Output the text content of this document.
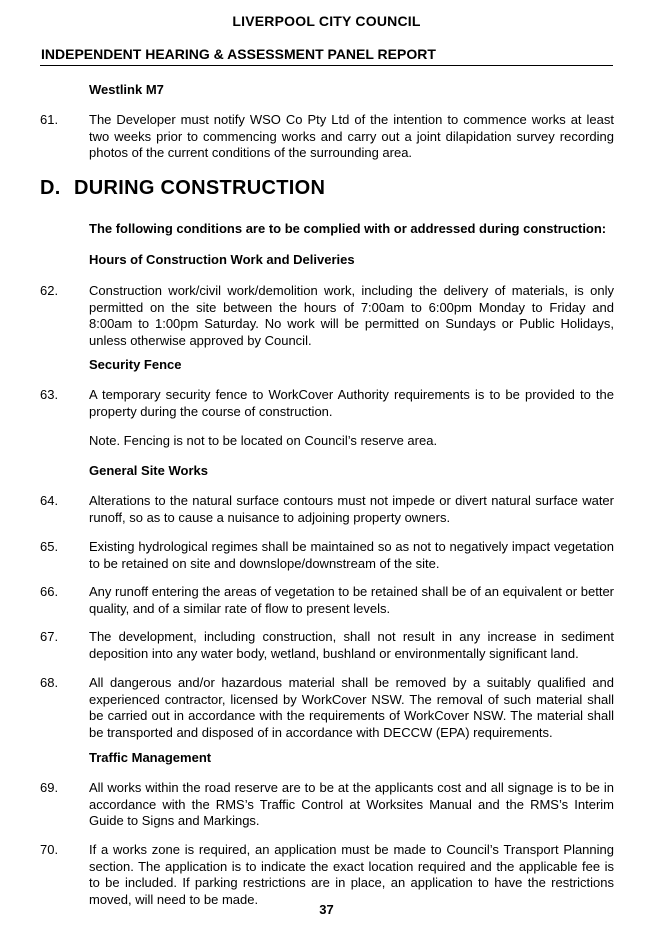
LIVERPOOL CITY COUNCIL
INDEPENDENT HEARING & ASSESSMENT PANEL REPORT
Westlink M7
61. The Developer must notify WSO Co Pty Ltd of the intention to commence works at least two weeks prior to commencing works and carry out a joint dilapidation survey recording photos of the current conditions of the surrounding area.
D. DURING CONSTRUCTION
The following conditions are to be complied with or addressed during construction:
Hours of Construction Work and Deliveries
62. Construction work/civil work/demolition work, including the delivery of materials, is only permitted on the site between the hours of 7:00am to 6:00pm Monday to Friday and 8:00am to 1:00pm Saturday. No work will be permitted on Sundays or Public Holidays, unless otherwise approved by Council.
Security Fence
63. A temporary security fence to WorkCover Authority requirements is to be provided to the property during the course of construction.
Note. Fencing is not to be located on Council’s reserve area.
General Site Works
64. Alterations to the natural surface contours must not impede or divert natural surface water runoff, so as to cause a nuisance to adjoining property owners.
65. Existing hydrological regimes shall be maintained so as not to negatively impact vegetation to be retained on site and downslope/downstream of the site.
66. Any runoff entering the areas of vegetation to be retained shall be of an equivalent or better quality, and of a similar rate of flow to present levels.
67. The development, including construction, shall not result in any increase in sediment deposition into any water body, wetland, bushland or environmentally significant land.
68. All dangerous and/or hazardous material shall be removed by a suitably qualified and experienced contractor, licensed by WorkCover NSW. The removal of such material shall be carried out in accordance with the requirements of WorkCover NSW. The material shall be transported and disposed of in accordance with DECCW (EPA) requirements.
Traffic Management
69. All works within the road reserve are to be at the applicants cost and all signage is to be in accordance with the RMS’s Traffic Control at Worksites Manual and the RMS’s Interim Guide to Signs and Markings.
70. If a works zone is required, an application must be made to Council’s Transport Planning section. The application is to indicate the exact location required and the applicable fee is to be included. If parking restrictions are in place, an application to have the restrictions moved, will need to be made.
37
